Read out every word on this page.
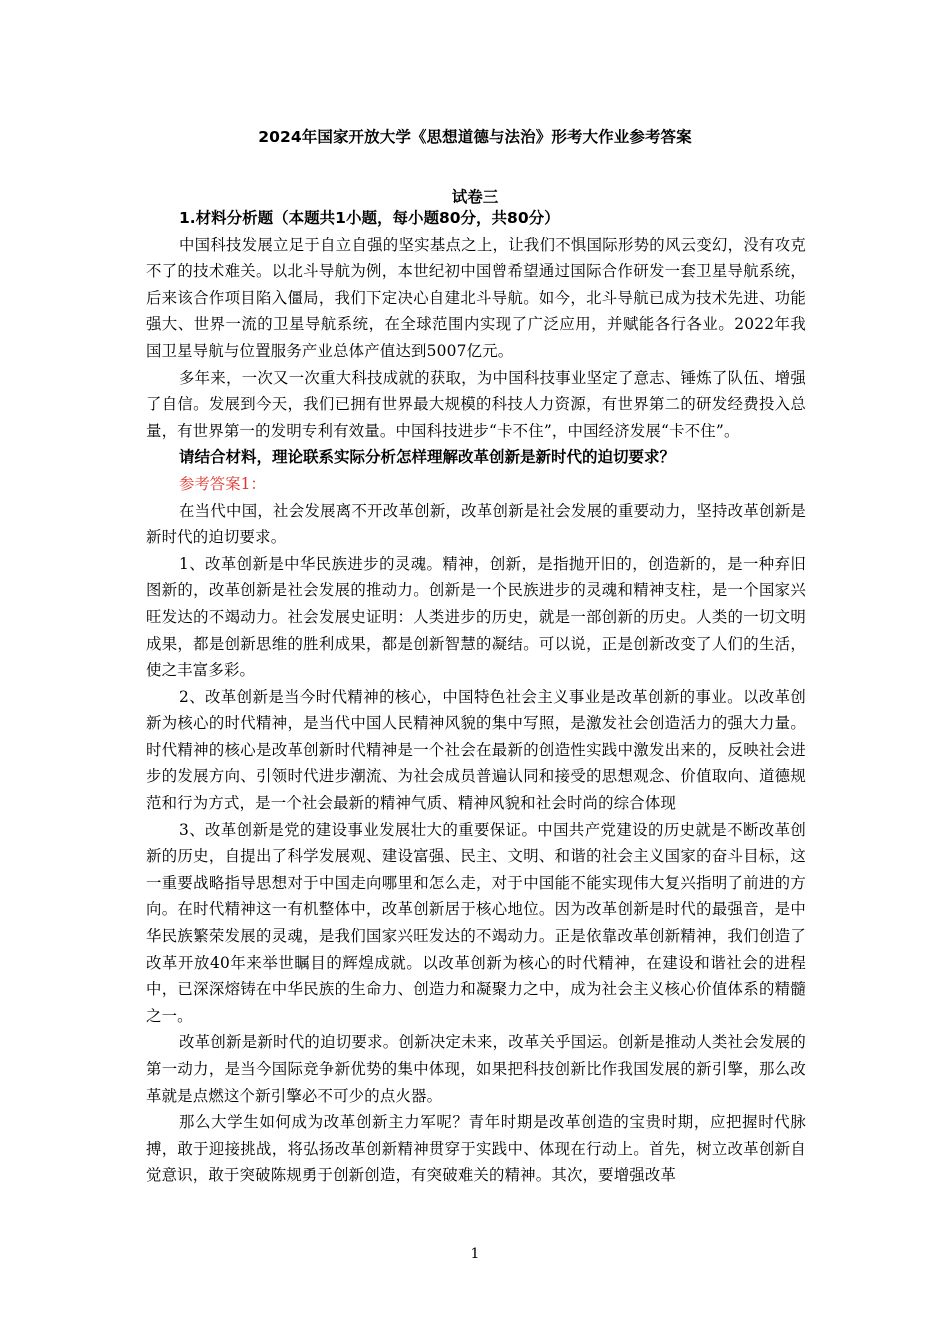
2024年国家开放大学《思想道德与法治》形考大作业参考答案
试卷三

1.材料分析题（本题共1小题，每小题80分，共80分）

中国科技发展立足于自立自强的坚实基点之上，让我们不惧国际形势的风云变幻，没有攻克不了的技术难关。以北斗导航为例，本世纪初中国曾希望通过国际合作研发一套卫星导航系统，后来该合作项目陷入僵局，我们下定决心自建北斗导航。如今，北斗导航已成为技术先进、功能强大、世界一流的卫星导航系统，在全球范围内实现了广泛应用，并赋能各行各业。2022年我国卫星导航与位置服务产业总体产值达到5007亿元。

多年来，一次又一次重大科技成就的获取，为中国科技事业坚定了意志、锤炼了队伍、增强了自信。发展到今天，我们已拥有世界最大规模的科技人力资源，有世界第二的研发经费投入总量，有世界第一的发明专利有效量。中国科技进步“卡不住”，中国经济发展“卡不住”。

请结合材料，理论联系实际分析怎样理解改革创新是新时代的迫切要求？

参考答案1：

在当代中国，社会发展离不开改革创新，改革创新是社会发展的重要动力，坚持改革创新是新时代的迫切要求。

1、改革创新是中华民族进步的灵魂。精神，创新，是指抛开旧的，创造新的，是一种弃旧图新的，改革创新是社会发展的推动力。创新是一个民族进步的灵魂和精神支柱，是一个国家兴旺发达的不竭动力。社会发展史证明：人类进步的历史，就是一部创新的历史。人类的一切文明成果，都是创新思维的胜利成果，都是创新智慧的凝结。可以说，正是创新改变了人们的生活，使之丰富多彩。

2、改革创新是当今时代精神的核心，中国特色社会主义事业是改革创新的事业。以改革创新为核心的时代精神，是当代中国人民精神风貌的集中写照，是激发社会创造活力的强大力量。时代精神的核心是改革创新时代精神是一个社会在最新的创造性实践中激发出来的，反映社会进步的发展方向、引领时代进步潮流、为社会成员普遍认同和接受的思想观念、价值取向、道德规范和行为方式，是一个社会最新的精神气质、精神风貌和社会时尚的综合体现

3、改革创新是党的建设事业发展壮大的重要保证。中国共产党建设的历史就是不断改革创新的历史，自提出了科学发展观、建设富强、民主、文明、和谐的社会主义国家的奋斗目标，这一重要战略指导思想对于中国走向哪里和怎么走，对于中国能不能实现伟大复兴指明了前进的方向。在时代精神这一有机整体中，改革创新居于核心地位。因为改革创新是时代的最强音，是中华民族繁荣发展的灵魂，是我们国家兴旺发达的不竭动力。正是依靠改革创新精神，我们创造了改革开放40年来举世瞩目的辉煌成就。以改革创新为核心的时代精神，在建设和谐社会的进程中，已深深熔铸在中华民族的生命力、创造力和凝聚力之中，成为社会主义核心价值体系的精髓之一。

改革创新是新时代的迫切要求。创新决定未来，改革关乎国运。创新是推动人类社会发展的第一动力，是当今国际竞争新优势的集中体现，如果把科技创新比作我国发展的新引擎，那么改革就是点燃这个新引擎必不可少的点火器。

那么大学生如何成为改革创新主力军呢？青年时期是改革创造的宝贵时期，应把握时代脉搏，敢于迎接挑战，将弘扬改革创新精神贯穿于实践中、体现在行动上。首先，树立改革创新自觉意识，敢于突破陈规勇于创新创造，有突破难关的精神。其次，要增强改革

1
